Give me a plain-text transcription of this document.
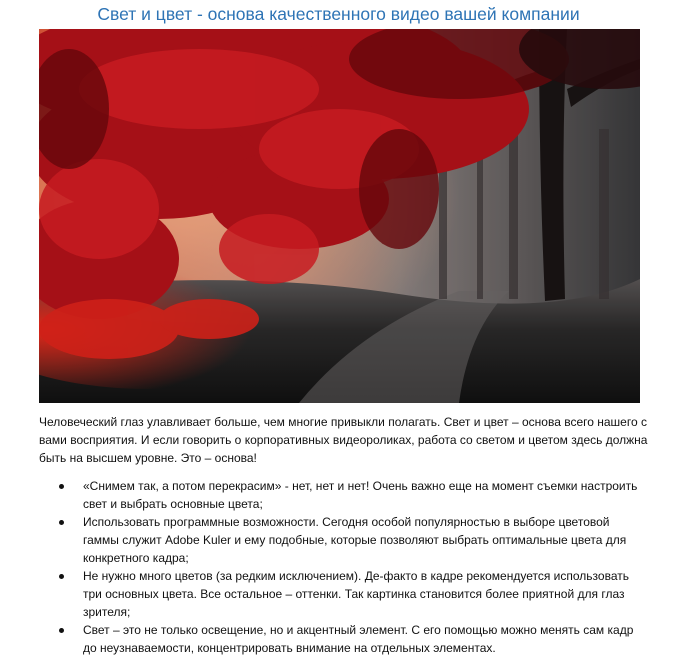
Свет и цвет - основа качественного видео вашей компании

Человеческий глаз улавливает больше, чем многие привыкли полагать. Свет и цвет – основа всего нашего с вами восприятия. И если говорить о корпоративных видеороликах, работа со светом и цветом здесь должна быть на высшем уровне. Это – основа!

«Снимем так, а потом перекрасим» - нет, нет и нет! Очень важно еще на момент съемки настроить свет и выбрать основные цвета;
Использовать программные возможности. Сегодня особой популярностью в выборе цветовой гаммы служит Adobe Kuler и ему подобные, которые позволяют выбрать оптимальные цвета для конкретного кадра;
Не нужно много цветов (за редким исключением). Де-факто в кадре рекомендуется использовать три основных цвета. Все остальное – оттенки. Так картинка становится более приятной для глаз зрителя;
Свет – это не только освещение, но и акцентный элемент. С его помощью можно менять сам кадр до неузнаваемости, концентрировать внимание на отдельных элементах.
